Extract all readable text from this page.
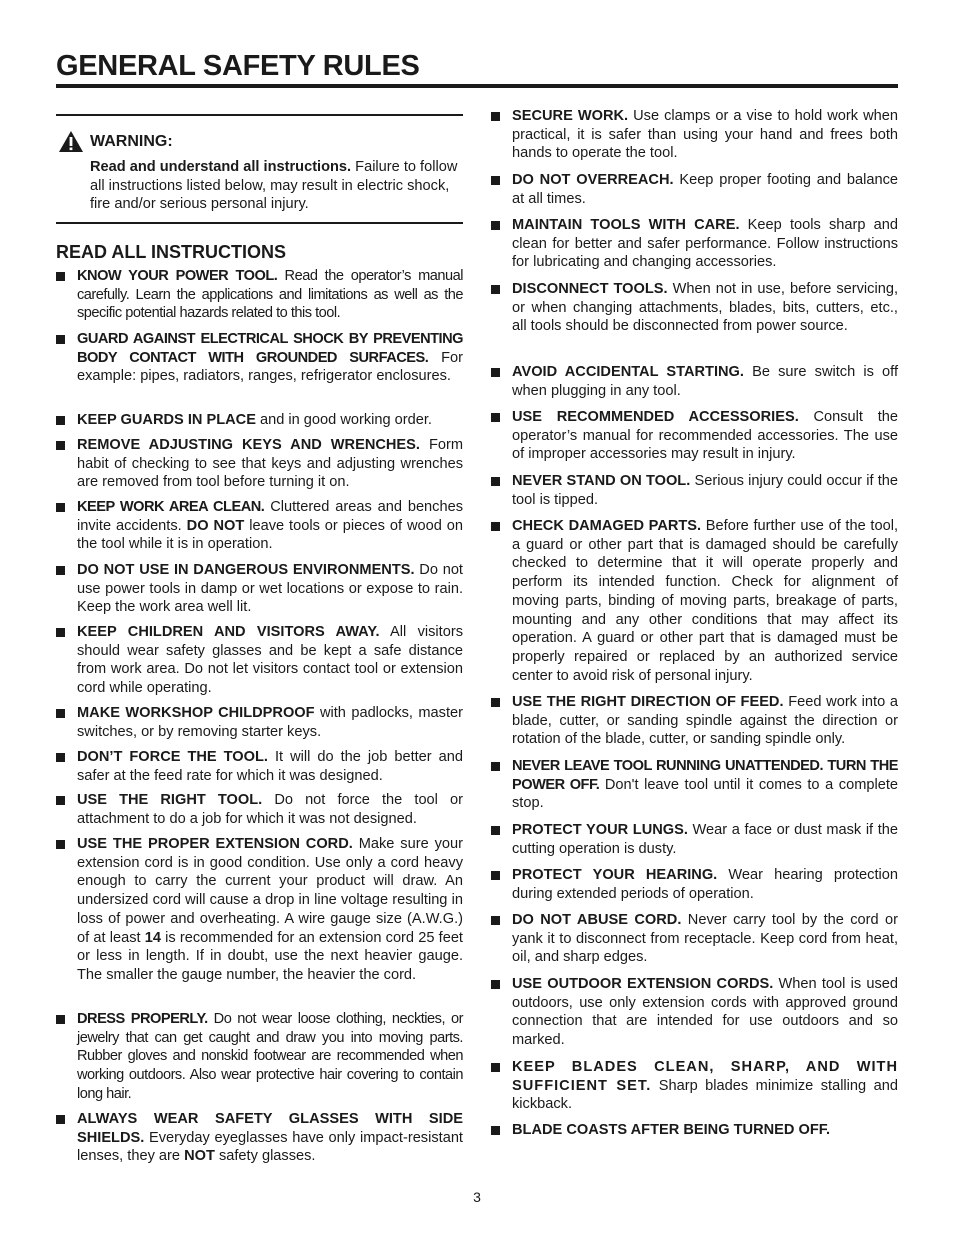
GENERAL SAFETY RULES
WARNING:
Read and understand all instructions. Failure to follow all instructions listed below, may result in electric shock, fire and/or serious personal injury.
READ ALL INSTRUCTIONS
KNOW YOUR POWER TOOL. Read the operator’s manual carefully. Learn the applications and limitations as well as the specific potential hazards related to this tool.
GUARD AGAINST ELECTRICAL SHOCK BY PREVENTING BODY CONTACT WITH GROUNDED SURFACES. For example: pipes, radiators, ranges, refrigerator enclosures.
KEEP GUARDS IN PLACE and in good working order.
REMOVE ADJUSTING KEYS AND WRENCHES. Form habit of checking to see that keys and adjusting wrenches are removed from tool before turning it on.
KEEP WORK AREA CLEAN. Cluttered areas and benches invite accidents. DO NOT leave tools or pieces of wood on the tool while it is in operation.
DO NOT USE IN DANGEROUS ENVIRONMENTS. Do not use power tools in damp or wet locations or expose to rain. Keep the work area well lit.
KEEP CHILDREN AND VISITORS AWAY. All visitors should wear safety glasses and be kept a safe distance from work area. Do not let visitors contact tool or extension cord while operating.
MAKE WORKSHOP CHILDPROOF with padlocks, master switches, or by removing starter keys.
DON’T FORCE THE TOOL. It will do the job better and safer at the feed rate for which it was designed.
USE THE RIGHT TOOL. Do not force the tool or attachment to do a job for which it was not designed.
USE THE PROPER EXTENSION CORD. Make sure your extension cord is in good condition. Use only a cord heavy enough to carry the current your product will draw. An undersized cord will cause a drop in line voltage resulting in loss of power and overheating. A wire gauge size (A.W.G.) of at least 14 is recommended for an extension cord 25 feet or less in length. If in doubt, use the next heavier gauge. The smaller the gauge number, the heavier the cord.
DRESS PROPERLY. Do not wear loose clothing, neckties, or jewelry that can get caught and draw you into moving parts. Rubber gloves and nonskid footwear are recommended when working outdoors. Also wear protective hair covering to contain long hair.
ALWAYS WEAR SAFETY GLASSES WITH SIDE SHIELDS. Everyday eyeglasses have only impact-resistant lenses, they are NOT safety glasses.
SECURE WORK. Use clamps or a vise to hold work when practical, it is safer than using your hand and frees both hands to operate the tool.
DO NOT OVERREACH. Keep proper footing and balance at all times.
MAINTAIN TOOLS WITH CARE. Keep tools sharp and clean for better and safer performance. Follow instructions for lubricating and changing accessories.
DISCONNECT TOOLS. When not in use, before servicing, or when changing attachments, blades, bits, cutters, etc., all tools should be disconnected from power source.
AVOID ACCIDENTAL STARTING. Be sure switch is off when plugging in any tool.
USE RECOMMENDED ACCESSORIES. Consult the operator’s manual for recommended accessories. The use of improper accessories may result in injury.
NEVER STAND ON TOOL. Serious injury could occur if the tool is tipped.
CHECK DAMAGED PARTS. Before further use of the tool, a guard or other part that is damaged should be carefully checked to determine that it will operate properly and perform its intended function. Check for alignment of moving parts, binding of moving parts, breakage of parts, mounting and any other conditions that may affect its operation. A guard or other part that is damaged must be properly repaired or replaced by an authorized service center to avoid risk of personal injury.
USE THE RIGHT DIRECTION OF FEED. Feed work into a blade, cutter, or sanding spindle against the direction or rotation of the blade, cutter, or sanding spindle only.
NEVER LEAVE TOOL RUNNING UNATTENDED. TURN THE POWER OFF. Don't leave tool until it comes to a complete stop.
PROTECT YOUR LUNGS. Wear a face or dust mask if the cutting operation is dusty.
PROTECT YOUR HEARING. Wear hearing protection during extended periods of operation.
DO NOT ABUSE CORD. Never carry tool by the cord or yank it to disconnect from receptacle. Keep cord from heat, oil, and sharp edges.
USE OUTDOOR EXTENSION CORDS. When tool is used outdoors, use only extension cords with approved ground connection that are intended for use outdoors and so marked.
KEEP BLADES CLEAN, SHARP, AND WITH SUFFICIENT SET. Sharp blades minimize stalling and kickback.
BLADE COASTS AFTER BEING TURNED OFF.
3
